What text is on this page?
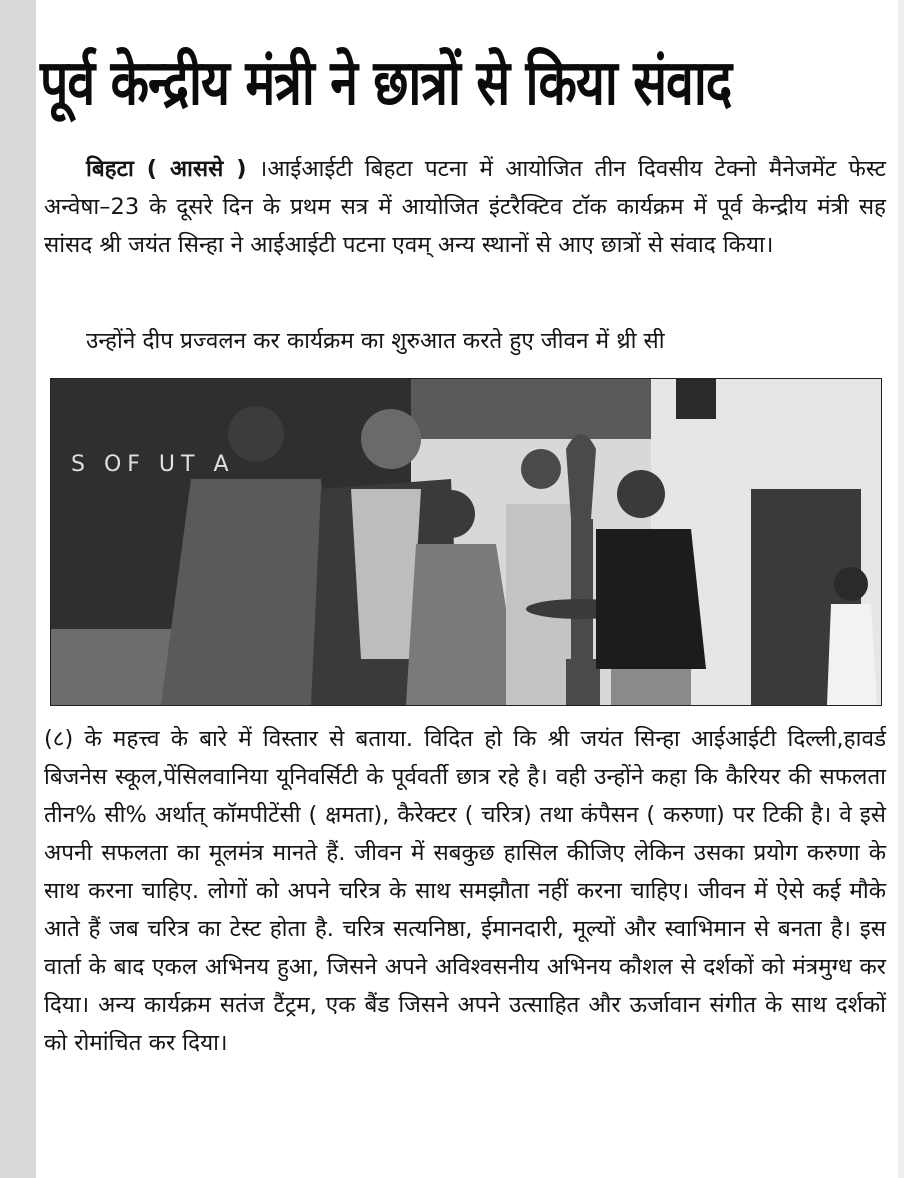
पूर्व केन्द्रीय मंत्री ने छात्रों से किया संवाद
बिहटा ( आससे ) ।आईआईटी बिहटा पटना में आयोजित तीन दिवसीय टेक्नो मैनेजमेंट फेस्ट अन्वेषा–23 के दूसरे दिन के प्रथम सत्र में आयोजित इंटरैक्टिव टॉक कार्यक्रम में पूर्व केन्द्रीय मंत्री सह सांसद श्री जयंत सिन्हा ने आईआईटी पटना एवम् अन्य स्थानों से आए छात्रों से संवाद किया।
उन्होंने दीप प्रज्वलन कर कार्यक्रम का शुरुआत करते हुए जीवन में थ्री सी
S OF UT A
(८) के महत्त्व के बारे में विस्तार से बताया. विदित हो कि श्री जयंत सिन्हा आईआईटी दिल्ली,हावर्ड बिजनेस स्कूल,पेंसिलवानिया यूनिवर्सिटी के पूर्ववर्ती छात्र रहे है। वही उन्होंने कहा कि कैरियर की सफलता तीन% सी% अर्थात् कॉमपीटेंसी ( क्षमता), कैरेक्टर ( चरित्र) तथा कंपैसन ( करुणा) पर टिकी है। वे इसे अपनी सफलता का मूलमंत्र मानते हैं. जीवन में सबकुछ हासिल कीजिए लेकिन उसका प्रयोग करुणा के साथ करना चाहिए. लोगों को अपने चरित्र के साथ समझौता नहीं करना चाहिए। जीवन में ऐसे कई मौके आते हैं जब चरित्र का टेस्ट होता है. चरित्र सत्यनिष्ठा, ईमानदारी, मूल्यों और स्वाभिमान से बनता है। इस वार्ता के बाद एकल अभिनय हुआ, जिसने अपने अविश्वसनीय अभिनय कौशल से दर्शकों को मंत्रमुग्ध कर दिया। अन्य कार्यक्रम सतंज टैंट्रम, एक बैंड जिसने अपने उत्साहित और ऊर्जावान संगीत के साथ दर्शकों को रोमांचित कर दिया।
